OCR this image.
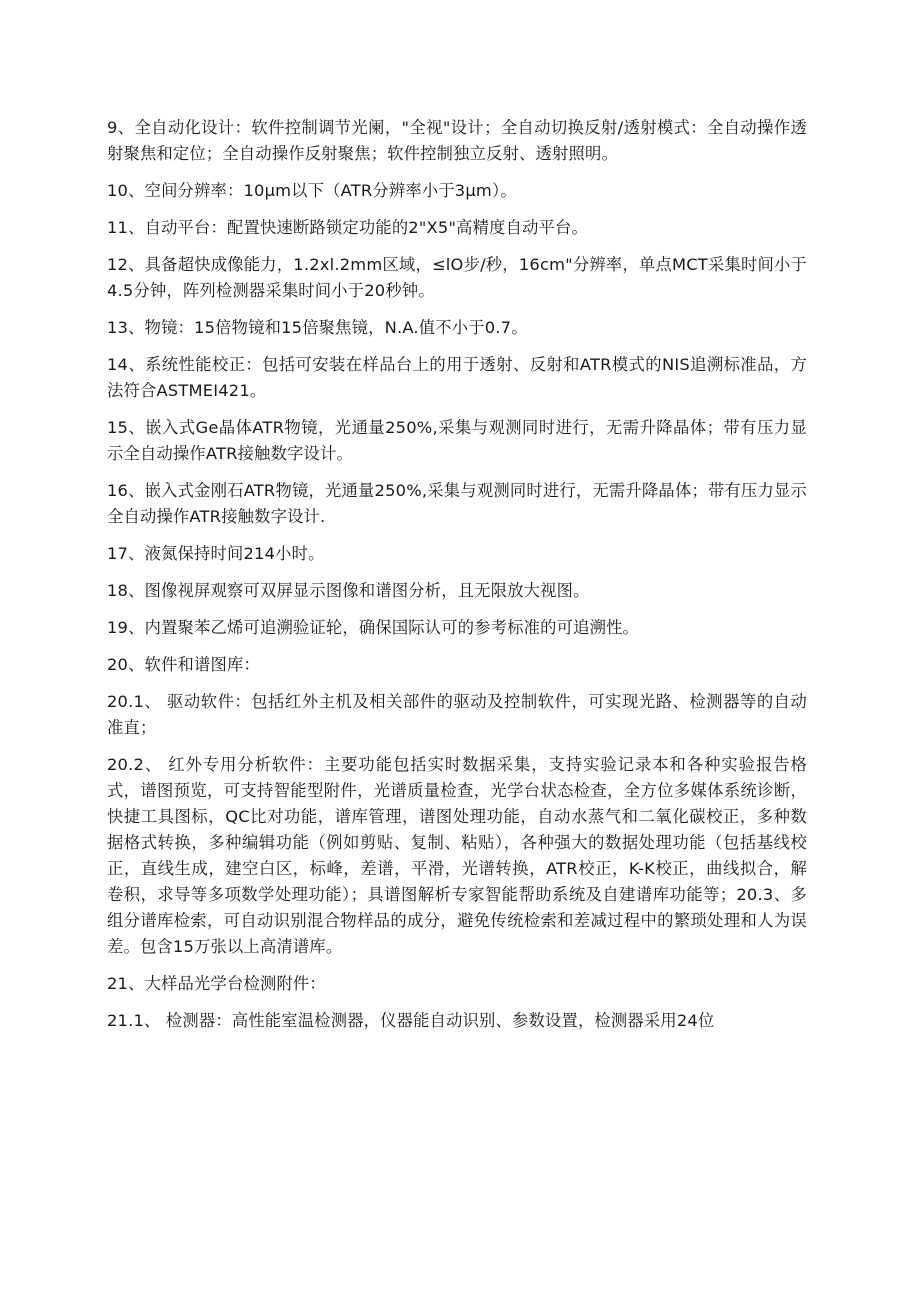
9、全自动化设计：软件控制调节光阑，"全视"设计；全自动切换反射/透射模式：全自动操作透射聚焦和定位；全自动操作反射聚焦；软件控制独立反射、透射照明。

10、空间分辨率：10μm以下（ATR分辨率小于3μm）。

11、自动平台：配置快速断路锁定功能的2"X5"高精度自动平台。

12、具备超快成像能力，1.2xl.2mm区域，≤lO步/秒，16cm"分辨率，单点MCT采集时间小于4.5分钟，阵列检测器采集时间小于20秒钟。

13、物镜：15倍物镜和15倍聚焦镜，N.A.值不小于0.7。

14、系统性能校正：包括可安装在样品台上的用于透射、反射和ATR模式的NIS追溯标准品，方法符合ASTMEI421。

15、嵌入式Ge晶体ATR物镜，光通量250%,采集与观测同时进行，无需升降晶体；带有压力显示全自动操作ATR接触数字设计。

16、嵌入式金刚石ATR物镜，光通量250%,采集与观测同时进行，无需升降晶体；带有压力显示全自动操作ATR接触数字设计.

17、液氮保持时间214小时。

18、图像视屏观察可双屏显示图像和谱图分析，且无限放大视图。

19、内置聚苯乙烯可追溯验证轮，确保国际认可的参考标准的可追溯性。

20、软件和谱图库：

20.1、 驱动软件：包括红外主机及相关部件的驱动及控制软件，可实现光路、检测器等的自动准直；

20.2、 红外专用分析软件：主要功能包括实时数据采集，支持实验记录本和各种实验报告格式，谱图预览，可支持智能型附件，光谱质量检查，光学台状态检查，全方位多媒体系统诊断，快捷工具图标，QC比对功能，谱库管理，谱图处理功能，自动水蒸气和二氧化碳校正，多种数据格式转换，多种编辑功能（例如剪贴、复制、粘贴），各种强大的数据处理功能（包括基线校正，直线生成，建空白区，标峰，差谱，平滑，光谱转换，ATR校正，K-K校正，曲线拟合，解卷积，求导等多项数学处理功能）；具谱图解析专家智能帮助系统及自建谱库功能等；20.3、多组分谱库检索，可自动识别混合物样品的成分，避免传统检索和差减过程中的繁琐处理和人为误差。包含15万张以上高清谱库。

21、大样品光学台检测附件：

21.1、 检测器：高性能室温检测器，仪器能自动识别、参数设置，检测器采用24位
